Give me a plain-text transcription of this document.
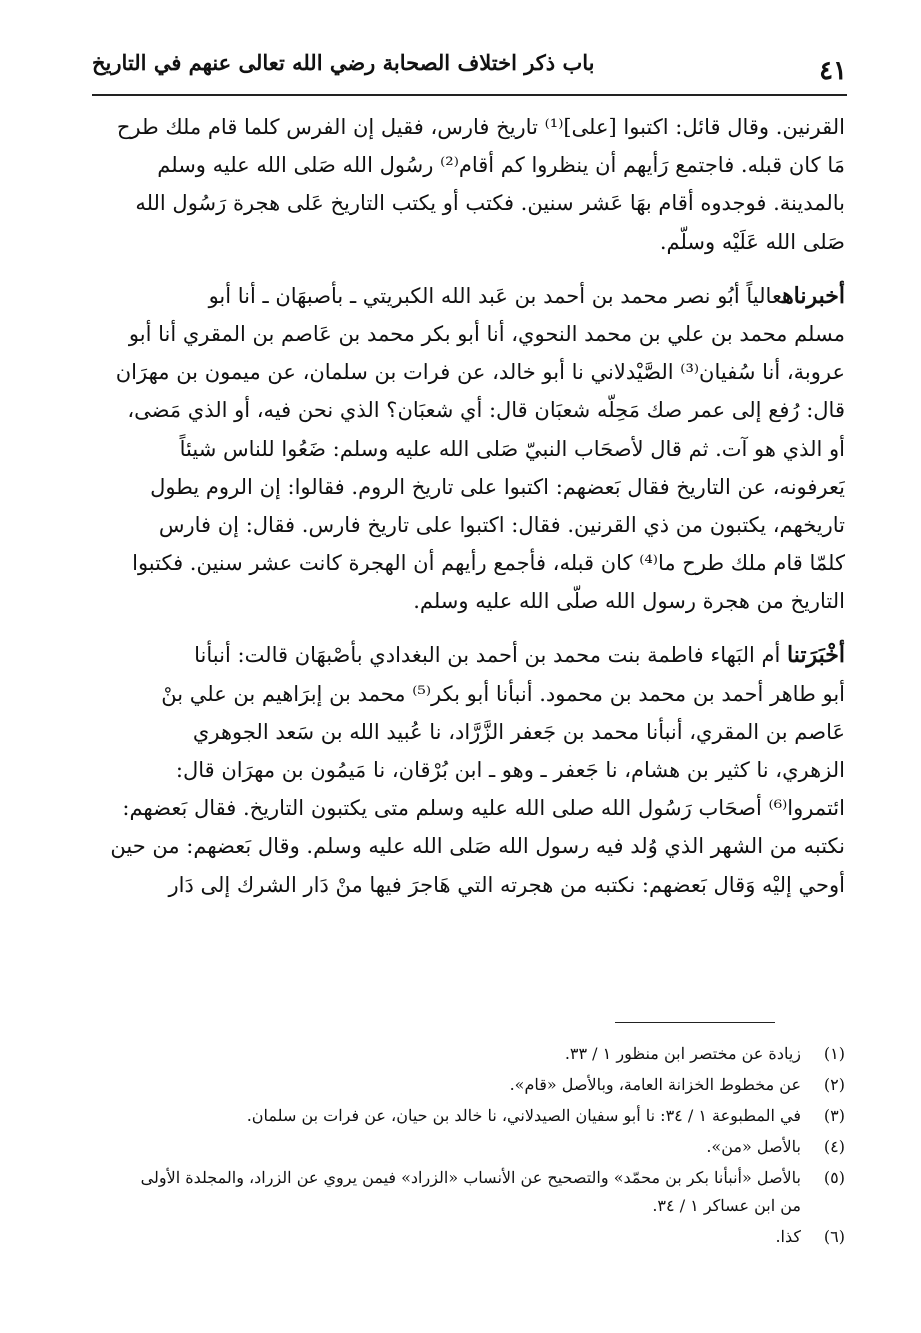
٤١
باب ذكر اختلاف الصحابة رضي الله تعالى عنهم في التاريخ

القرنين. وقال قائل: اكتبوا [على]⁽¹⁾ تاريخ فارس، فقيل إن الفرس كلما قام ملك طرح
مَا كان قبله. فاجتمع رَأيهم أن ينظروا كم أقام⁽²⁾ رسُول الله صَلى الله عليه وسلم
بالمدينة. فوجدوه أقام بهَا عَشر سنين. فكتب أو يكتب التاريخ عَلى هجرة رَسُول الله
صَلى الله عَلَيْه وسلّم.

أخبرناهعالياً أبُو نصر محمد بن أحمد بن عَبد الله الكبريتي ـ بأصبهَان ـ أنا أبو
مسلم محمد بن علي بن محمد النحوي، أنا أبو بكر محمد بن عَاصم بن المقري أنا أبو
عروبة، أنا سُفيان⁽³⁾ الصَّيْدلاني نا أبو خالد، عن فرات بن سلمان، عن ميمون بن مهرَان
قال: رُفع إلى عمر صك مَحِلّه شعبَان قال: أي شعبَان؟ الذي نحن فيه، أو الذي مَضى،
أو الذي هو آت. ثم قال لأصحَاب النبيّ صَلى الله عليه وسلم: ضَعُوا للناس شيئاً
يَعرفونه، عن التاريخ فقال بَعضهم: اكتبوا على تاريخ الروم. فقالوا: إن الروم يطول
تاريخهم، يكتبون من ذي القرنين. فقال: اكتبوا على تاريخ فارس. فقال: إن فارس
كلمّا قام ملك طرح ما⁽⁴⁾ كان قبله، فأجمع رأيهم أن الهجرة كانت عشر سنين. فكتبوا
التاريخ من هجرة رسول الله صلّى الله عليه وسلم.

أخْبَرَتنا أم البَهاء فاطمة بنت محمد بن أحمد بن البغدادي بأصْبهَان قالت: أنبأنا
أبو طاهر أحمد بن محمد بن محمود. أنبأنا أبو بكر⁽⁵⁾ محمد بن إبرَاهيم بن علي بنْ
عَاصم بن المقري، أنبأنا محمد بن جَعفر الزَّرَّاد، نا عُبيد الله بن سَعد الجوهري
الزهري، نا كثير بن هشام، نا جَعفر ـ وهو ـ ابن بُرْقان، نا مَيمُون بن مهرَان قال:
ائتمروا⁽⁶⁾ أصحَاب رَسُول الله صلى الله عليه وسلم متى يكتبون التاريخ. فقال بَعضهم:
نكتبه من الشهر الذي وُلد فيه رسول الله صَلى الله عليه وسلم. وقال بَعضهم: من حين
أوحي إليْه وَقال بَعضهم: نكتبه من هجرته التي هَاجرَ فيها منْ دَار الشرك إلى دَار

(١)
زيادة عن مختصر ابن منظور ١ / ٣٣.
(٢)
عن مخطوط الخزانة العامة، وبالأصل «قام».
(٣)
في المطبوعة ١ / ٣٤: نا أبو سفيان الصيدلاني، نا خالد بن حيان، عن فرات بن سلمان.
(٤)
بالأصل «من».
(٥)
بالأصل «أنبأنا بكر بن محمّد» والتصحيح عن الأنساب «الزراد» فيمن يروي عن الزراد، والمجلدة الأولى
من ابن عساكر ١ / ٣٤.
(٦)
كذا.
